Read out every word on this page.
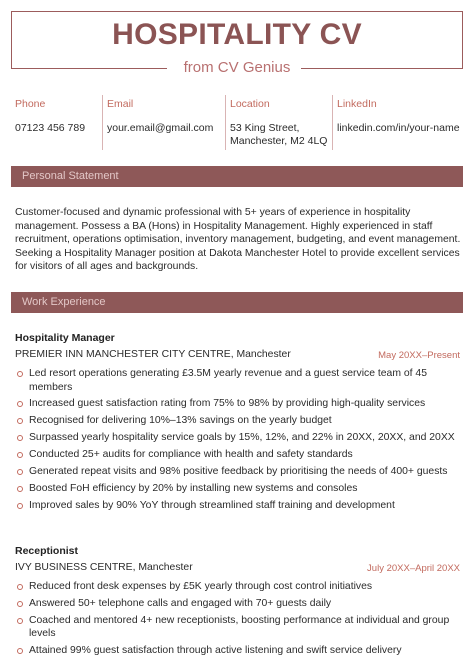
HOSPITALITY CV
from CV Genius
Phone
07123 456 789
Email
your.email@gmail.com
Location
53 King Street,
Manchester, M2 4LQ
LinkedIn
linkedin.com/in/your-name
Personal Statement
Customer-focused and dynamic professional with 5+ years of experience in hospitality management. Possess a BA (Hons) in Hospitality Management. Highly experienced in staff recruitment, operations optimisation, inventory management, budgeting, and event management. Seeking a Hospitality Manager position at Dakota Manchester Hotel to provide excellent services for visitors of all ages and backgrounds.
Work Experience
Hospitality Manager
PREMIER INN MANCHESTER CITY CENTRE, Manchester	May 20XX–Present
Led resort operations generating £3.5M yearly revenue and a guest service team of 45 members
Increased guest satisfaction rating from 75% to 98% by providing high-quality services
Recognised for delivering 10%–13% savings on the yearly budget
Surpassed yearly hospitality service goals by 15%, 12%, and 22% in 20XX, 20XX, and 20XX
Conducted 25+ audits for compliance with health and safety standards
Generated repeat visits and 98% positive feedback by prioritising the needs of 400+ guests
Boosted FoH efficiency by 20% by installing new systems and consoles
Improved sales by 90% YoY through streamlined staff training and development
Receptionist
IVY BUSINESS CENTRE, Manchester	July 20XX–April 20XX
Reduced front desk expenses by £5K yearly through cost control initiatives
Answered 50+ telephone calls and engaged with 70+ guests daily
Coached and mentored 4+ new receptionists, boosting performance at individual and group levels
Attained 99% guest satisfaction through active listening and swift service delivery
